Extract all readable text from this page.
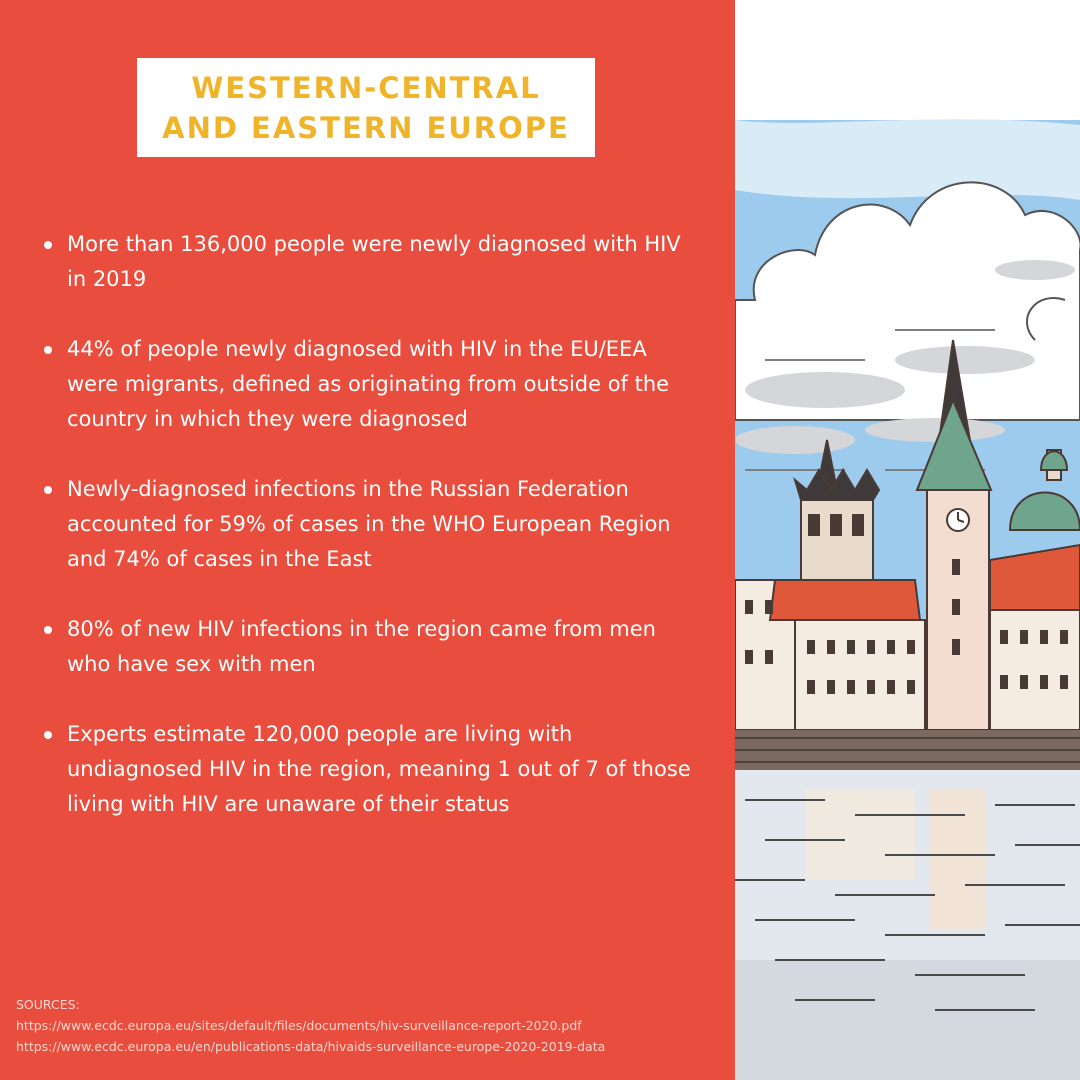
WESTERN-CENTRAL
AND EASTERN EUROPE
More than 136,000 people were newly diagnosed with HIV in 2019
44% of people newly diagnosed with HIV in the EU/EEA were migrants, defined as originating from outside of the country in which they were diagnosed
Newly-diagnosed infections in the Russian Federation accounted for 59% of cases in the WHO European Region and 74% of cases in the East
80% of new HIV infections in the region came from men who have sex with men
Experts estimate 120,000 people are living with undiagnosed HIV in the region, meaning 1 out of 7 of those living with HIV are unaware of their status
SOURCES:
https://www.ecdc.europa.eu/sites/default/files/documents/hiv-surveillance-report-2020.pdf
https://www.ecdc.europa.eu/en/publications-data/hivaids-surveillance-europe-2020-2019-data
